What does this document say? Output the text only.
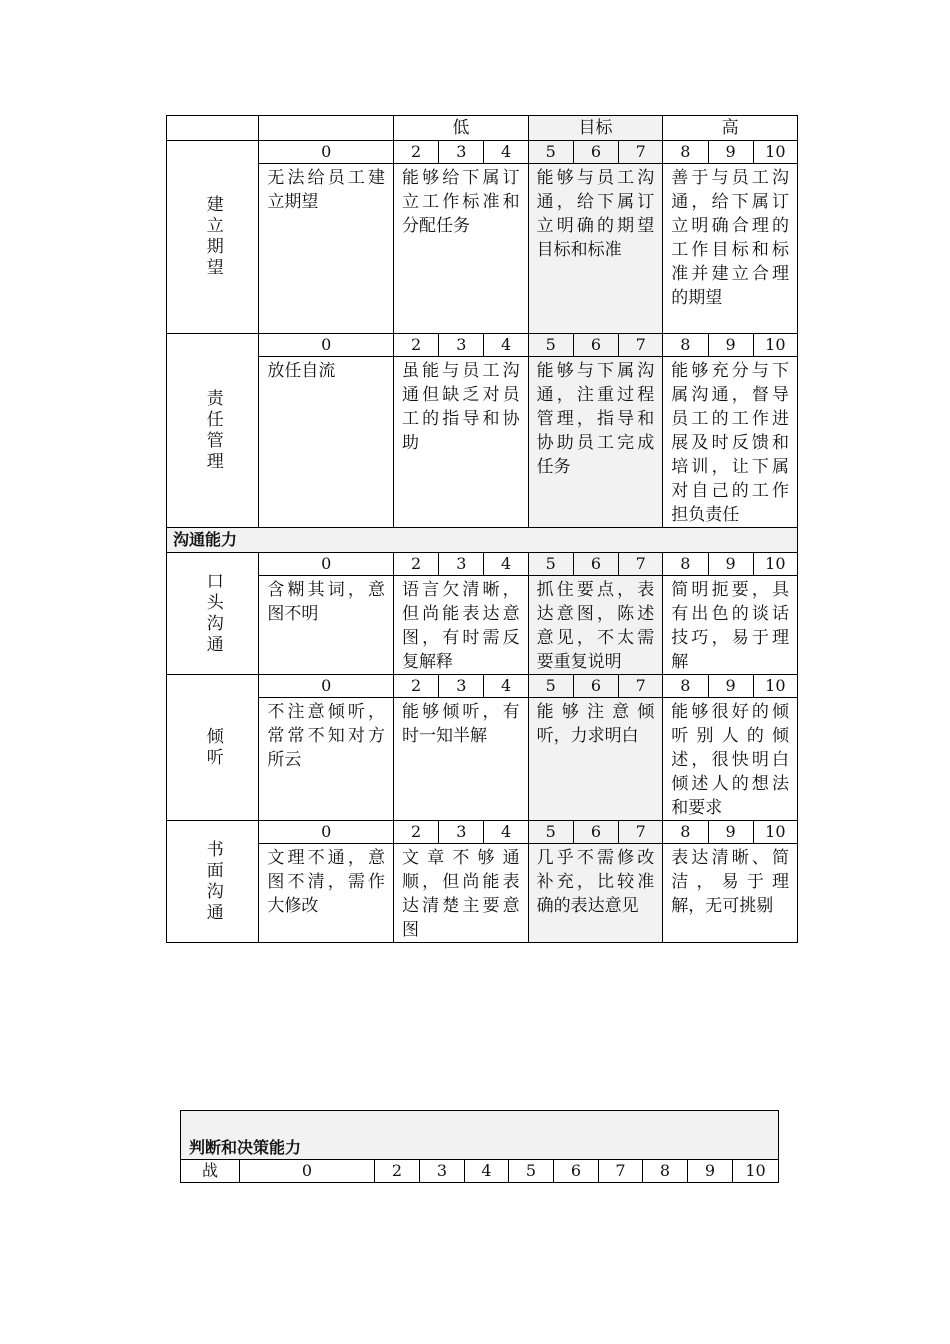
		低			目标			高		
建立期望	0	2	3	4	5	6	7	8	9	10
	无法给员工建立期望	能够给下属订立工作标准和分配任务			能够与员工沟通，给下属订立明确的期望目标和标准			善于与员工沟通，给下属订立明确合理的工作目标和标准并建立合理的期望		
责任管理	0	2	3	4	5	6	7	8	9	10
	放任自流	虽能与员工沟通但缺乏对员工的指导和协助			能够与下属沟通，注重过程管理，指导和协助员工完成任务			能够充分与下属沟通，督导员工的工作进展及时反馈和培训，让下属对自己的工作担负责任		
沟通能力										
口头沟通	0	2	3	4	5	6	7	8	9	10
	含糊其词，意图不明	语言欠清晰，但尚能表达意图，有时需反复解释			抓住要点，表达意图，陈述意见，不太需要重复说明			简明扼要，具有出色的谈话技巧，易于理解		
倾听	0	2	3	4	5	6	7	8	9	10
	不注意倾听，常常不知对方所云	能够倾听，有时一知半解			能够注意倾听，力求明白			能够很好的倾听别人的倾述，很快明白倾述人的想法和要求		
书面沟通	0	2	3	4	5	6	7	8	9	10
	文理不通，意图不清，需作大修改	文章不够通顺，但尚能表达清楚主要意图			几乎不需修改补充，比较准确的表达意见			表达清晰、简洁，易于理解，无可挑剔		
判断和决策能力
战	0	2	3	4	5	6	7	8	9	10
